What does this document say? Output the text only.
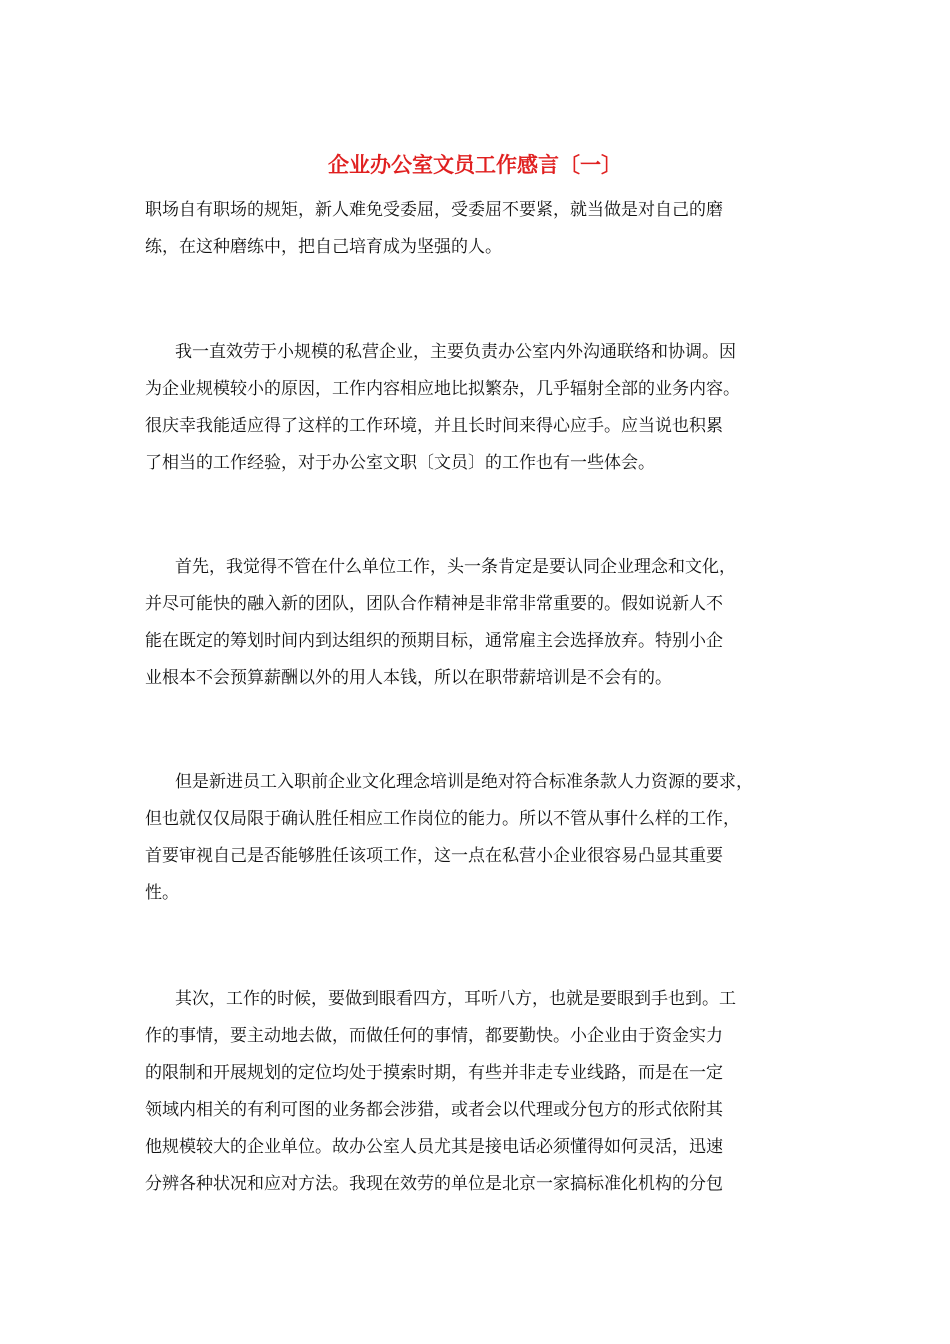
企业办公室文员工作感言〔一〕

职场自有职场的规矩，新人难免受委屈，受委屈不要紧，就当做是对自己的磨

练，在这种磨练中，把自己培育成为坚强的人。

我一直效劳于小规模的私营企业，主要负责办公室内外沟通联络和协调。因

为企业规模较小的原因，工作内容相应地比拟繁杂，几乎辐射全部的业务内容。

很庆幸我能适应得了这样的工作环境，并且长时间来得心应手。应当说也积累

了相当的工作经验，对于办公室文职〔文员〕的工作也有一些体会。

首先，我觉得不管在什么单位工作，头一条肯定是要认同企业理念和文化，

并尽可能快的融入新的团队，团队合作精神是非常非常重要的。假如说新人不

能在既定的筹划时间内到达组织的预期目标，通常雇主会选择放弃。特别小企

业根本不会预算薪酬以外的用人本钱，所以在职带薪培训是不会有的。

但是新进员工入职前企业文化理念培训是绝对符合标准条款人力资源的要求，

但也就仅仅局限于确认胜任相应工作岗位的能力。所以不管从事什么样的工作，

首要审视自己是否能够胜任该项工作，这一点在私营小企业很容易凸显其重要

性。

其次，工作的时候，要做到眼看四方，耳听八方，也就是要眼到手也到。工

作的事情，要主动地去做，而做任何的事情，都要勤快。小企业由于资金实力

的限制和开展规划的定位均处于摸索时期，有些并非走专业线路，而是在一定

领域内相关的有利可图的业务都会涉猎，或者会以代理或分包方的形式依附其

他规模较大的企业单位。故办公室人员尤其是接电话必须懂得如何灵活，迅速

分辨各种状况和应对方法。我现在效劳的单位是北京一家搞标准化机构的分包
